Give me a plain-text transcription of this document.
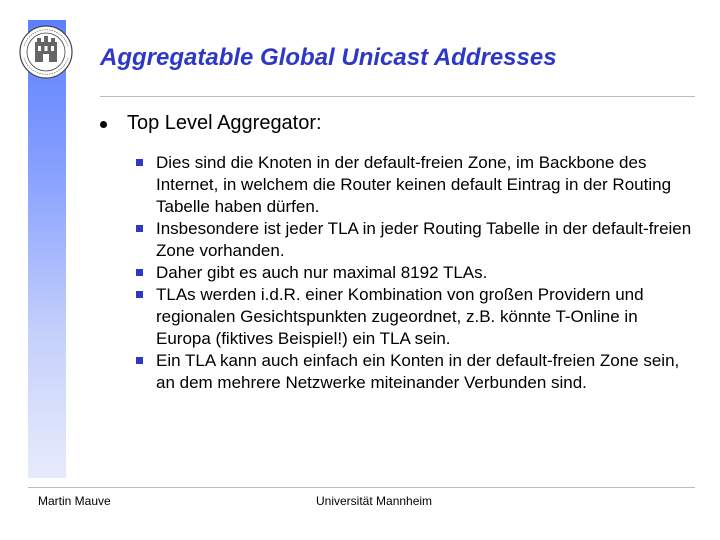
Aggregatable Global Unicast Addresses
Top Level Aggregator:
Dies sind die Knoten in der default-freien Zone, im Backbone des Internet, in welchem die Router keinen default Eintrag in der Routing Tabelle haben dürfen.
Insbesondere ist jeder TLA in jeder Routing Tabelle in der default-freien Zone vorhanden.
Daher gibt es auch nur maximal 8192 TLAs.
TLAs werden i.d.R. einer Kombination von großen Providern und regionalen Gesichtspunkten zugeordnet, z.B. könnte T-Online in Europa (fiktives Beispiel!) ein TLA sein.
Ein TLA kann auch einfach ein Konten in der default-freien Zone sein, an dem mehrere Netzwerke miteinander Verbunden sind.
Martin Mauve	Universität Mannheim
